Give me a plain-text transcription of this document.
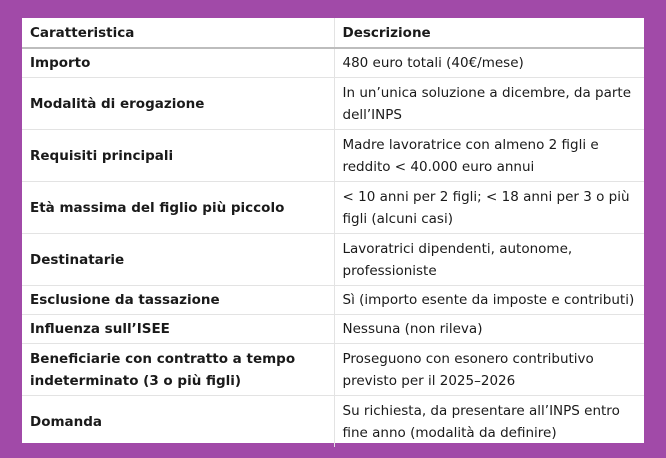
Caratteristica	Descrizione
Importo	480 euro totali (40€/mese)
Modalità di erogazione	In un’unica soluzione a dicembre, da parte dell’INPS
Requisiti principali	Madre lavoratrice con almeno 2 figli e reddito < 40.000 euro annui
Età massima del figlio più piccolo	< 10 anni per 2 figli; < 18 anni per 3 o più figli (alcuni casi)
Destinatarie	Lavoratrici dipendenti, autonome, professioniste
Esclusione da tassazione	Sì (importo esente da imposte e contributi)
Influenza sull’ISEE	Nessuna (non rileva)
Beneficiarie con contratto a tempo indeterminato (3 o più figli)	Proseguono con esonero contributivo previsto per il 2025–2026
Domanda	Su richiesta, da presentare all’INPS entro fine anno (modalità da definire)
